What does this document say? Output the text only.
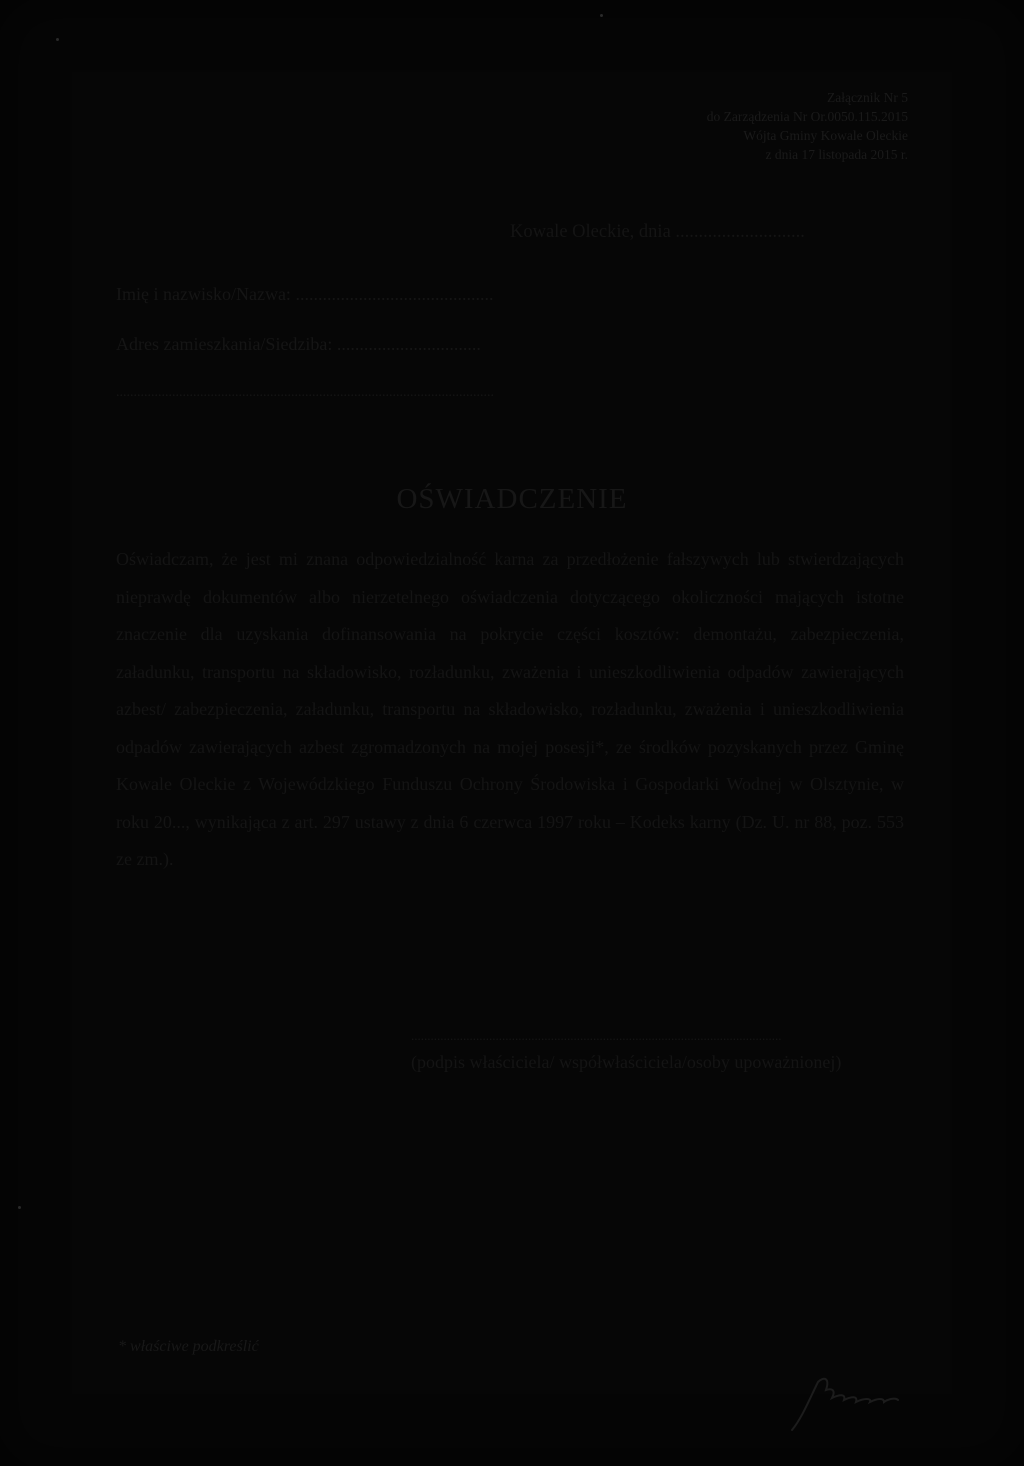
Załącznik Nr 5
do Zarządzenia Nr Or.0050.115.2015
Wójta Gminy Kowale Oleckie
z dnia 17 listopada 2015 r.
Kowale Oleckie, dnia ............................
Imię i nazwisko/Nazwa: ............................................
Adres zamieszkania/Siedziba: ................................
............................................................................................................
OŚWIADCZENIE
Oświadczam, że jest mi znana odpowiedzialność karna za przedłożenie fałszywych lub stwierdzających nieprawdę dokumentów albo nierzetelnego oświadczenia dotyczącego okoliczności mających istotne znaczenie dla uzyskania dofinansowania na pokrycie części kosztów: demontażu, zabezpieczenia, załadunku, transportu na składowisko, rozładunku, zważenia i unieszkodliwienia odpadów zawierających azbest/ zabezpieczenia, załadunku, transportu na składowisko, rozładunku, zważenia i unieszkodliwienia odpadów zawierających azbest zgromadzonych na mojej posesji*, ze środków pozyskanych przez Gminę Kowale Oleckie z Wojewódzkiego Funduszu Ochrony Środowiska i Gospodarki Wodnej w Olsztynie, w roku 20..., wynikająca z art. 297 ustawy z dnia 6 czerwca 1997 roku – Kodeks karny (Dz. U. nr 88, poz. 553 ze zm.).
..................................................................................................................
(podpis właściciela/ współwłaściciela/osoby upoważnionej)
* właściwe podkreślić
